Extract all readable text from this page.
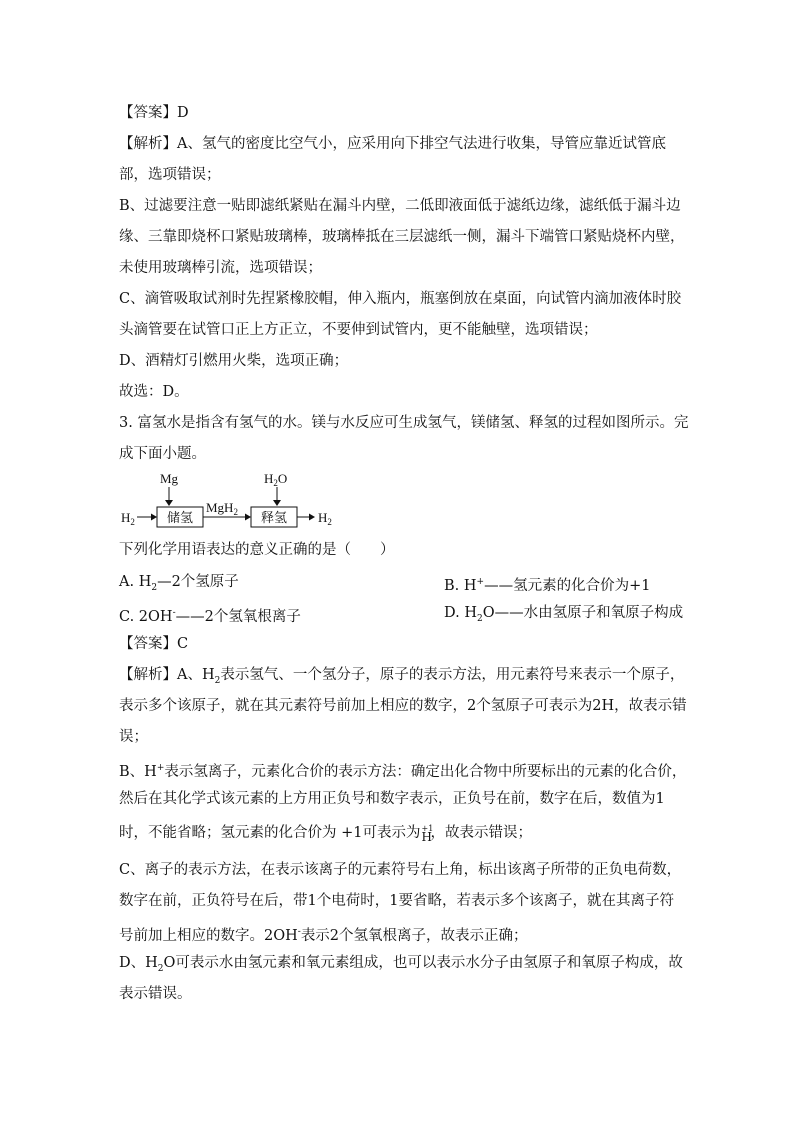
【答案】D
【解析】A、氢气的密度比空气小，应采用向下排空气法进行收集，导管应靠近试管底
部，选项错误；
B、过滤要注意一贴即滤纸紧贴在漏斗内壁，二低即液面低于滤纸边缘，滤纸低于漏斗边
缘、三靠即烧杯口紧贴玻璃棒，玻璃棒抵在三层滤纸一侧，漏斗下端管口紧贴烧杯内壁，
未使用玻璃棒引流，选项错误；
C、滴管吸取试剂时先捏紧橡胶帽，伸入瓶内，瓶塞倒放在桌面，向试管内滴加液体时胶
头滴管要在试管口正上方正立，不要伸到试管内，更不能触壁，选项错误；
D、酒精灯引燃用火柴，选项正确；
故选：D。
3. 富氢水是指含有氢气的水。镁与水反应可生成氢气，镁储氢、释氢的过程如图所示。完
成下面小题。
Mg	$H_2O$
$H_2$ 储氢
MgH$_2$ 释氢 $H_2$
下列化学用语表达的意义正确的是（　　）
A. $H_2—2$个氢原子	B. H+——氢元素的化合价为+1
C. 2OH-——2个氢氧根离子	D. $H_2O——$水由氢原子和氧原子构成
【答案】C
【解析】A、$H_2$表示氢气、一个氢分子，原子的表示方法，用元素符号来表示一个原子，
表示多个该原子，就在其元素符号前加上相应的数字，2个氢原子可表示为2H，故表示错
误；
B、H+表示氢离子，元素化合价的表示方法：确定出化合物中所要标出的元素的化合价，
然后在其化学式该元素的上方用正负号和数字表示，正负号在前，数字在后，数值为1
时，不能省略；氢元素的化合价为 +1可表示为 +1
H
，故表示错误；
C、离子的表示方法，在表示该离子的元素符号右上角，标出该离子所带的正负电荷数，
数字在前，正负符号在后，带1个电荷时，1要省略，若表示多个该离子，就在其离子符
号前加上相应的数字。2OH-表示2个氢氧根离子，故表示正确；
D、$H_2O$可表示水由氢元素和氧元素组成，也可以表示水分子由氢原子和氧原子构成，故
表示错误。
